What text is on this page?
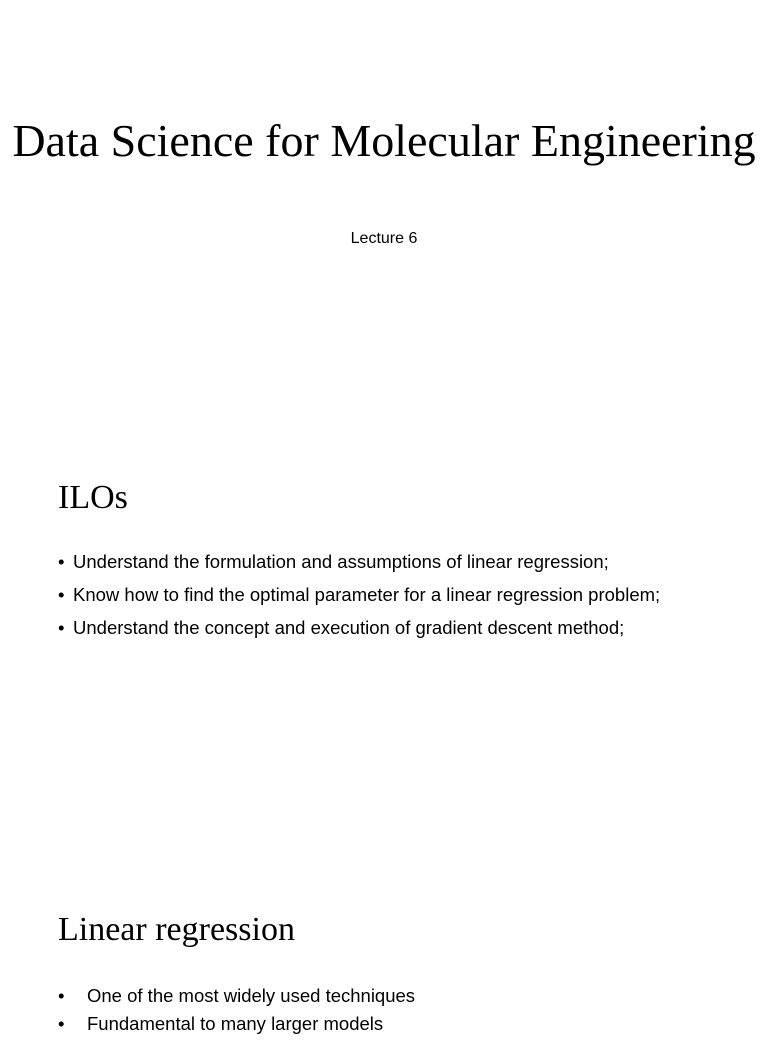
Data Science for Molecular Engineering
Lecture 6
ILOs
• Understand the formulation and assumptions of linear regression;
• Know how to find the optimal parameter for a linear regression problem;
• Understand the concept and execution of gradient descent method;
Linear regression
• One of the most widely used techniques
• Fundamental to many larger models
